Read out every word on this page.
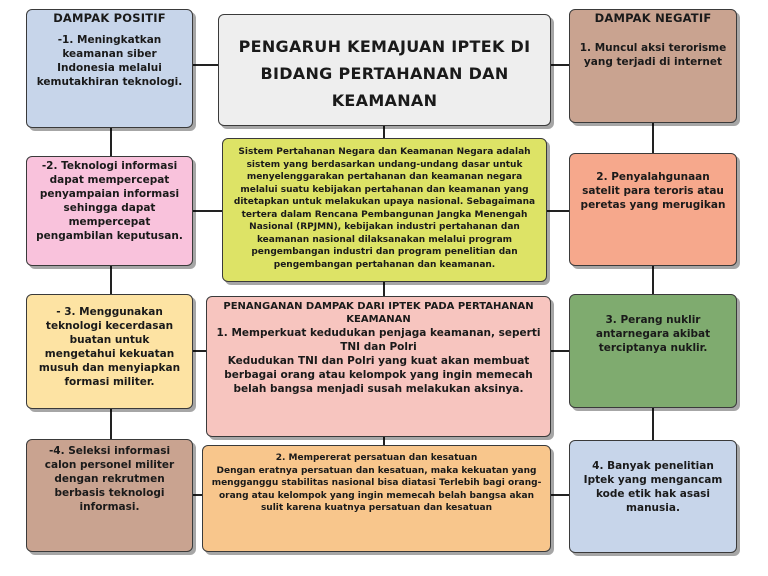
DAMPAK POSITIF
-1. Meningkatkan keamanan siber Indonesia melalui kemutakhiran teknologi.
-2. Teknologi informasi dapat mempercepat penyampaian informasi sehingga dapat mempercepat pengambilan keputusan.
- 3. Menggunakan teknologi kecerdasan buatan untuk mengetahui kekuatan musuh dan menyiapkan formasi militer.
-4. Seleksi informasi calon personel militer dengan rekrutmen berbasis teknologi informasi.
PENGARUH KEMAJUAN IPTEK DI BIDANG PERTAHANAN DAN KEAMANAN
Sistem Pertahanan Negara dan Keamanan Negara adalah sistem yang berdasarkan undang-undang dasar untuk menyelenggarakan pertahanan dan keamanan negara melalui suatu kebijakan pertahanan dan keamanan yang ditetapkan untuk melakukan upaya nasional. Sebagaimana tertera dalam Rencana Pembangunan Jangka Menengah Nasional (RPJMN), kebijakan industri pertahanan dan keamanan nasional dilaksanakan melalui program pengembangan industri dan program penelitian dan pengembangan pertahanan dan keamanan.
PENANGANAN DAMPAK DARI IPTEK PADA PERTAHANAN KEAMANAN
1. Memperkuat kedudukan penjaga keamanan, seperti TNI dan Polri
Kedudukan TNI dan Polri yang kuat akan membuat berbagai orang atau kelompok yang ingin memecah belah bangsa menjadi susah melakukan aksinya.
2. Mempererat persatuan dan kesatuan
Dengan eratnya persatuan dan kesatuan, maka kekuatan yang mengganggu stabilitas nasional bisa diatasi Terlebih bagi orang-orang atau kelompok yang ingin memecah belah bangsa akan sulit karena kuatnya persatuan dan kesatuan
DAMPAK NEGATIF
1. Muncul aksi terorisme yang terjadi di internet
2. Penyalahgunaan satelit para teroris atau peretas yang merugikan
3. Perang nuklir antarnegara akibat terciptanya nuklir.
4. Banyak penelitian Iptek yang mengancam kode etik hak asasi manusia.
